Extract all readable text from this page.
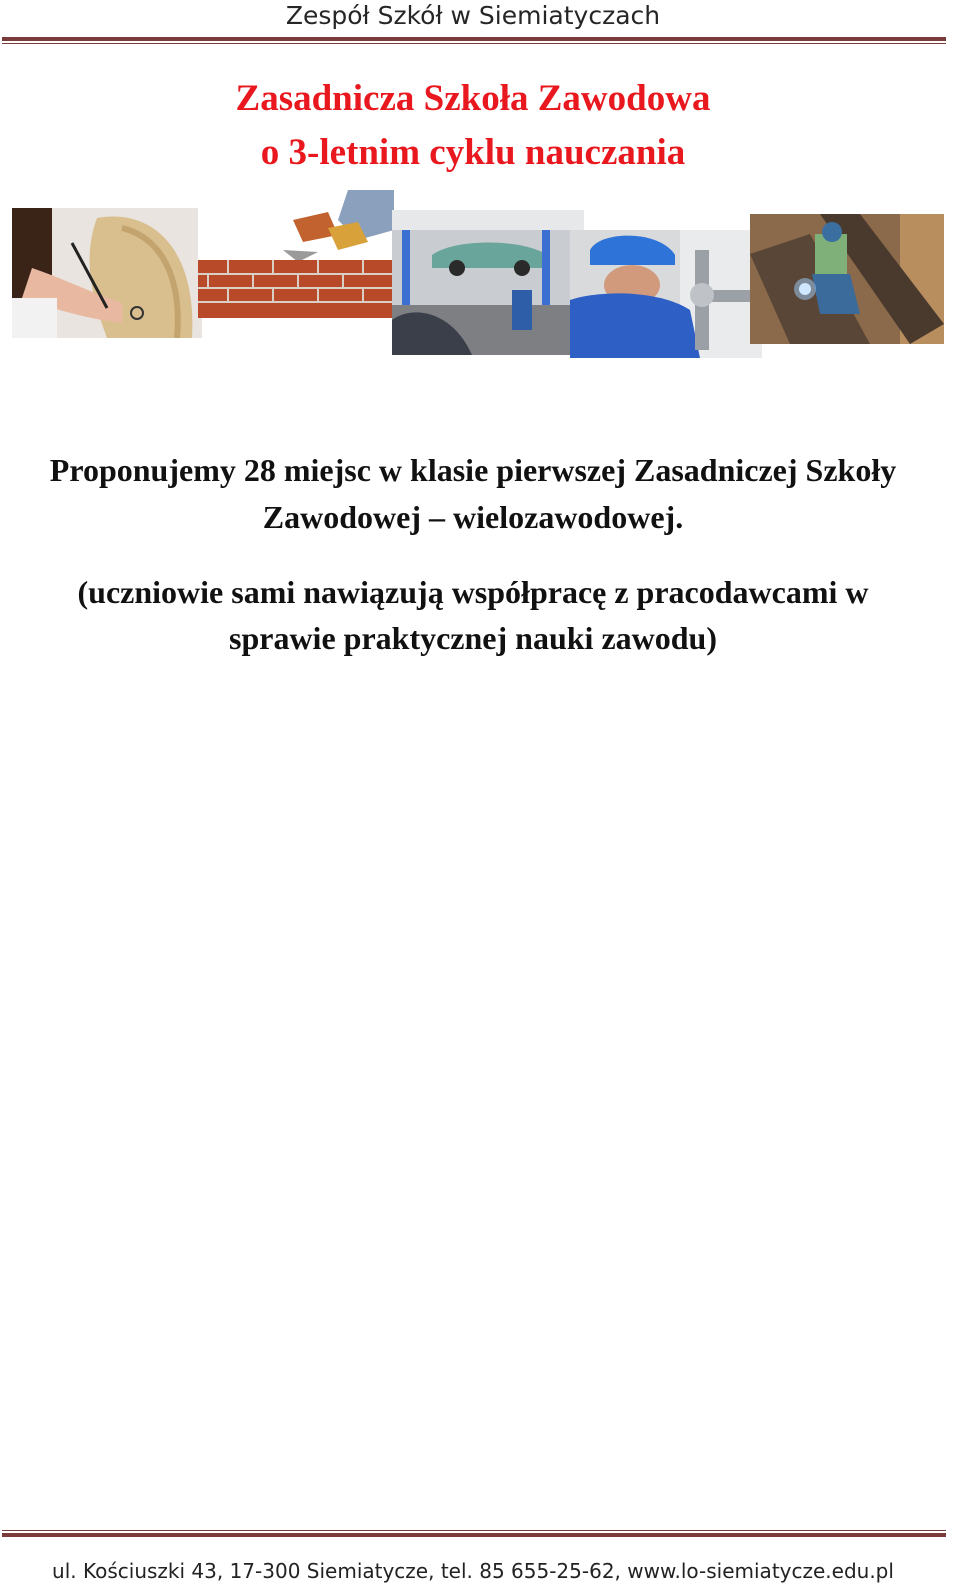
Zespół Szkół w Siemiatyczach
Zasadnicza Szkoła Zawodowa
o 3-letnim cyklu nauczania
Proponujemy 28 miejsc w klasie pierwszej Zasadniczej Szkoły
Zawodowej – wielozawodowej.
(uczniowie sami nawiązują współpracę z pracodawcami w
sprawie praktycznej nauki zawodu)
ul. Kościuszki 43, 17-300 Siemiatycze, tel. 85 655-25-62, www.lo-siemiatycze.edu.pl
